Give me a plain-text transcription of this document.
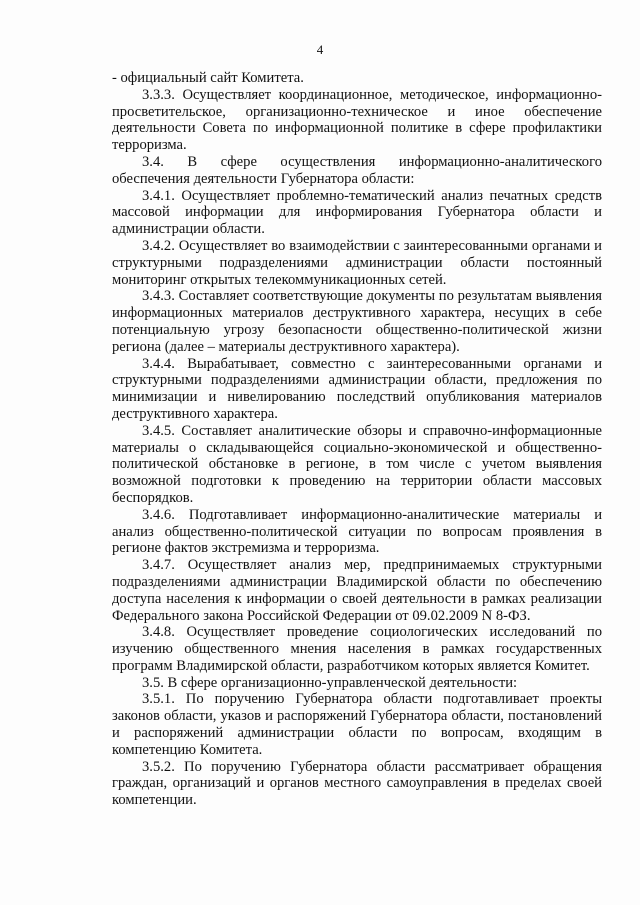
4

- официальный сайт Комитета.

3.3.3. Осуществляет координационное, методическое, информационно-просветительское, организационно-техническое и иное обеспечение деятельности Совета по информационной политике в сфере профилактики терроризма.

3.4. В сфере осуществления информационно-аналитического обеспечения деятельности Губернатора области:

3.4.1. Осуществляет проблемно-тематический анализ печатных средств массовой информации для информирования Губернатора области и администрации области.

3.4.2. Осуществляет во взаимодействии с заинтересованными органами и структурными подразделениями администрации области постоянный мониторинг открытых телекоммуникационных сетей.

3.4.3. Составляет соответствующие документы по результатам выявления информационных материалов деструктивного характера, несущих в себе потенциальную угрозу безопасности общественно-политической жизни региона (далее – материалы деструктивного характера).

3.4.4. Вырабатывает, совместно с заинтересованными органами и структурными подразделениями администрации области, предложения по минимизации и нивелированию последствий опубликования материалов деструктивного характера.

3.4.5. Составляет аналитические обзоры и справочно-информационные материалы о складывающейся социально-экономической и общественно-политической обстановке в регионе, в том числе с учетом выявления возможной подготовки к проведению на территории области массовых беспорядков.

3.4.6. Подготавливает информационно-аналитические материалы и анализ общественно-политической ситуации по вопросам проявления в регионе фактов экстремизма и терроризма.

3.4.7. Осуществляет анализ мер, предпринимаемых структурными подразделениями администрации Владимирской области по обеспечению доступа населения к информации о своей деятельности в рамках реализации Федерального закона Российской Федерации от 09.02.2009 N 8-ФЗ.

3.4.8. Осуществляет проведение социологических исследований по изучению общественного мнения населения в рамках государственных программ Владимирской области, разработчиком которых является Комитет.

3.5. В сфере организационно-управленческой деятельности:

3.5.1. По поручению Губернатора области подготавливает проекты законов области, указов и распоряжений Губернатора области, постановлений и распоряжений администрации области по вопросам, входящим в компетенцию Комитета.

3.5.2. По поручению Губернатора области рассматривает обращения граждан, организаций и органов местного самоуправления в пределах своей компетенции.
